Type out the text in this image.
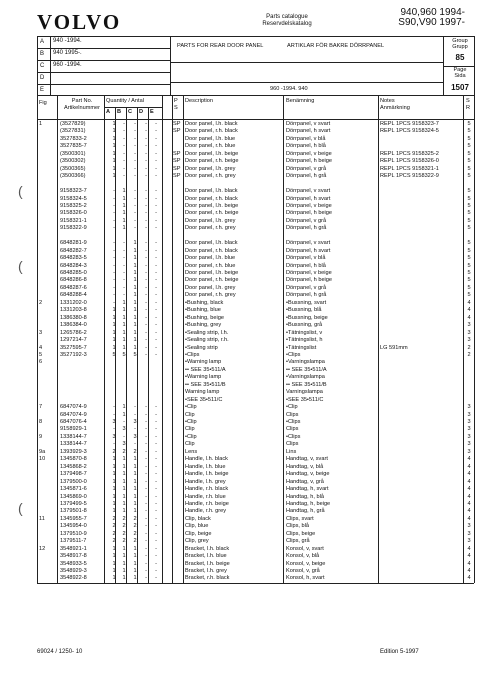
VOLVO	Parts catalogue
Reservdelskatalog
940,960 1994-
S90,V90 1997-
A 940 -1994.
B 940 1995-.
C 960 -1994.
D
E
PARTS FOR REAR DOOR PANEL	ARTIKLAR FÖR BAKRE DÖRRPANEL
Group
Grupp
85
Page
Sida
1507
960 -1994. 940
Fig	Part No.
Artikelnummer
Quantity / Antal	P
S
Description	Benämning	Notes
Anmärkning
S
R
A B C D E
1	(3527829)	1	-	-	-	-	SP Door panel, l.h. black	Dörrpanel, v svart	REPL 1PCS 9158323-7	5
(3527831)	1	-	-	-	-	SP Door panel, r.h. black	Dörrpanel, h svart	REPL 1PCS 9158324-5	5
3527833-2	1	-	-	-	-	Door panel, l.h. blue	Dörrpanel, v blå	5
3527835-7	1	-	-	-	-	Door panel, r.h. blue	Dörrpanel, h blå	5
(3500301)	1	-	-	-	-	SP Door panel, l.h. beige	Dörrpanel, v beige	REPL 1PCS 9158325-2	5
(3500302)	1	-	-	-	-	SP Door panel, r.h. beige	Dörrpanel, h beige	REPL 1PCS 9158326-0	5
(3500365)	1	-	-	-	-	SP Door panel, l.h. grey	Dörrpanel, v grå	REPL 1PCS 9158321-1	5
(3500366)	1	-	-	-	-	SP Door panel, r.h. grey	Dörrpanel, h grå	REPL 1PCS 9158322-9	5
9158323-7	-	1	-	-	-	Door panel, l.h. black	Dörrpanel, v svart	5
9158324-5	-	1	-	-	-	Door panel, r.h. black	Dörrpanel, h svart	5
9158325-2	-	1	-	-	-	Door panel, l.h. beige	Dörrpanel, v beige	5
9158326-0	-	1	-	-	-	Door panel, r.h. beige	Dörrpanel, h beige	5
9158321-1	-	1	-	-	-	Door panel, l.h. grey	Dörrpanel, v grå	5
9158322-9	-	1	-	-	-	Door panel, r.h. grey	Dörrpanel, h grå	5
6848281-9	-	-	1	-	-	Door panel, l.h. black	Dörrpanel, v svart	5
6848282-7	-	-	1	-	-	Door panel, r.h. black	Dörrpanel, h svart	5
6848283-5	-	-	1	-	-	Door panel, l.h. blue	Dörrpanel, v blå	5
6848284-3	-	-	1	-	-	Door panel, r.h. blue	Dörrpanel, h blå	5
6848285-0	-	-	1	-	-	Door panel, l.h. beige	Dörrpanel, v beige	5
6848286-8	-	-	1	-	-	Door panel, r.h. beige	Dörrpanel, h beige	5
6848287-6	-	-	1	-	-	Door panel, l.h. grey	Dörrpanel, v grå	5
6848288-4	-	-	1	-	-	Door panel, r.h. grey	Dörrpanel, h grå	5
2	1331202-0	-	1	1	-	-	•Bushing, black	•Bussning, svart	4
1331203-8	1	1	1	-	-	•Bushing, blue	•Bussning, blå	4
1386380-8	1	1	1	-	-	•Bushing, beige	•Bussning, beige	4
1386384-0	1	1	1	-	-	•Bushing, grey	•Bussning, grå	3
3	1265786-2	1	1	1	-	-	•Sealing strip, l.h.	•Tätningslist, v	3
1297214-7	1	1	1	-	-	•Sealing strip, r.h.	•Tätningslist, h	3
4	3527595-7	1	1	1	-	-	•Sealing strip	•Tätningslist	LG 591mm	2
5	3527192-3	5	5	5	-	-	•Clips	•Clips	2
6	•Warning lamp	•Varningslampa
•• SEE 35•511/A	•• SEE 35•511/A
•Warning lamp	•Varningslampa
•• SEE 35•511/B	•• SEE 35•511/B
Warning lamp	Varningslampa
•SEE 35•511/C	•SEE 35•511/C
7	6847074-9	-	1	-	-	-	•Clip	•Clip	3
6847074-9	-	1	-	-	-	Clip	Clips	3
8	6847076-4	3	-	3	-	-	•Clip	•Clips	3
9158929-1	-	3	-	-	-	Clip	Clips	3
9	1338144-7	3	-	3	-	-	•Clip	•Clips	3
1338144-7	-	3	-	-	-	Clip	Clips	3
9a	1393929-3	2	2	2	-	-	Lens	Lins	3
10	1345870-8	1	1	1	-	-	Handle, l.h. black	Handtag, v, svart	4
1345868-2	1	1	1	-	-	Handle, l.h. blue	Handtag, v, blå	4
1379498-7	1	1	1	-	-	Handle, l.h. beige	Handtag, v, beige	4
1379500-0	1	1	1	-	-	Handle, l.h. grey	Handtag, v, grå	4
1345871-6	1	1	1	-	-	Handle, r.h. black	Handtag, h, svart	4
1345869-0	1	1	1	-	-	Handle, r.h. blue	Handtag, h, blå	4
1379499-5	1	1	1	-	-	Handle, r.h. beige	Handtag, h, beige	4
1379501-8	1	1	1	-	-	Handle, r.h. grey	Handtag, h, grå	4
11	1345955-7	2	2	2	-	-	Clip, black	Clips, svart	4
1345954-0	2	2	2	-	-	Clip, blue	Clips, blå	3
1379510-9	2	2	2	-	-	Clip, beige	Clips, beige	3
1379511-7	2	2	2	-	-	Clip, grey	Clips, grå	3
12	3548921-1	1	1	1	-	-	Bracket, l.h. black	Konsol, v, svart	4
3548917-8	1	1	1	-	-	Bracket, l.h. blue	Konsol, v, blå	4
3548933-5	1	1	1	-	-	Bracket, l.h. beige	Konsol, v, beige	4
3548929-3	1	1	1	-	-	Bracket, l.h. grey	Konsol, v, grå	4
3548922-8	1	1	1	-	-	Bracket, r.h. black	Konsol, h, svart	4
(
(
(
69024 / 1250- 10	Edition 5-1997
